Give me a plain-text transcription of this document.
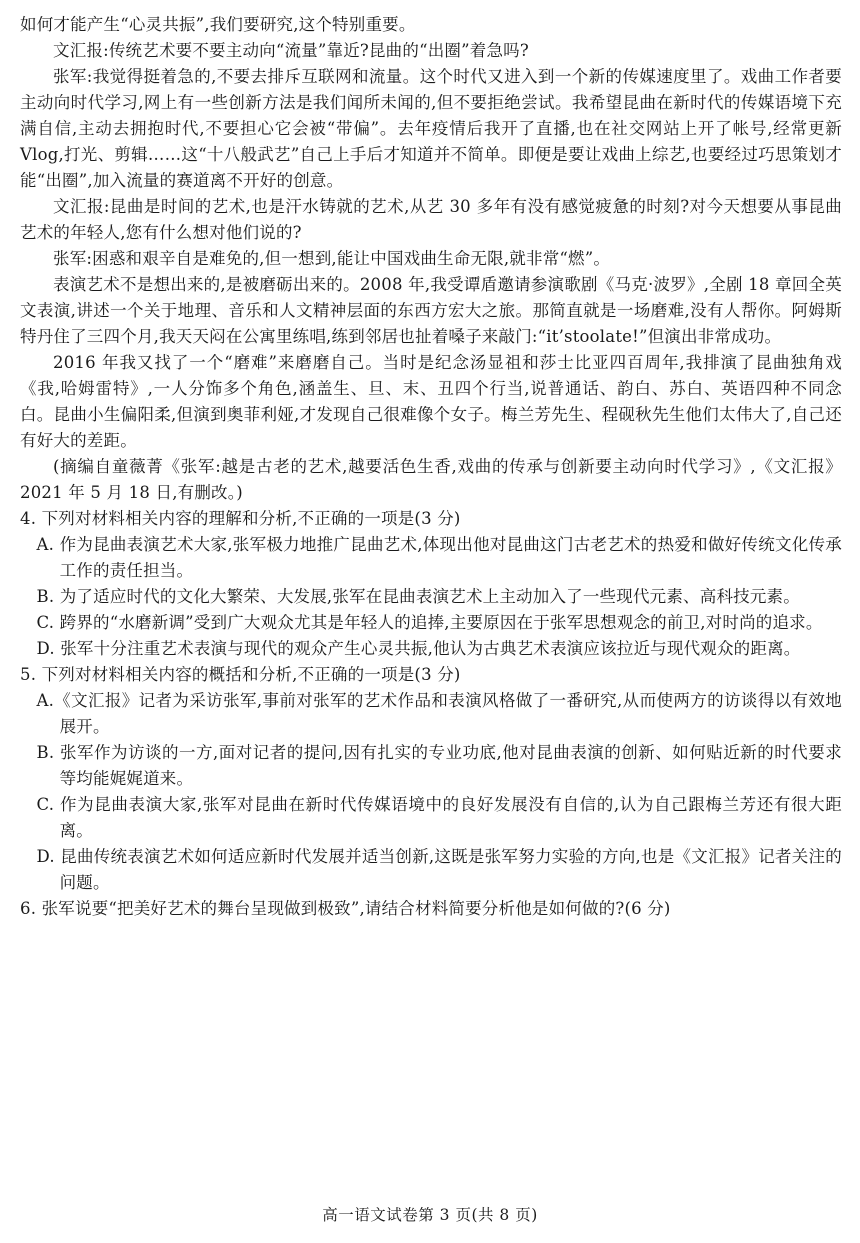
如何才能产生“心灵共振”,我们要研究,这个特别重要。

文汇报:传统艺术要不要主动向“流量”靠近?昆曲的“出圈”着急吗?

张军:我觉得挺着急的,不要去排斥互联网和流量。这个时代又进入到一个新的传媒速度里了。戏曲工作者要主动向时代学习,网上有一些创新方法是我们闻所未闻的,但不要拒绝尝试。我希望昆曲在新时代的传媒语境下充满自信,主动去拥抱时代,不要担心它会被“带偏”。去年疫情后我开了直播,也在社交网站上开了帐号,经常更新 Vlog,打光、剪辑……这“十八般武艺”自己上手后才知道并不简单。即便是要让戏曲上综艺,也要经过巧思策划才能“出圈”,加入流量的赛道离不开好的创意。

文汇报:昆曲是时间的艺术,也是汗水铸就的艺术,从艺 30 多年有没有感觉疲惫的时刻?对今天想要从事昆曲艺术的年轻人,您有什么想对他们说的?

张军:困惑和艰辛自是难免的,但一想到,能让中国戏曲生命无限,就非常“燃”。

表演艺术不是想出来的,是被磨砺出来的。2008 年,我受谭盾邀请参演歌剧《马克·波罗》,全剧 18 章回全英文表演,讲述一个关于地理、音乐和人文精神层面的东西方宏大之旅。那简直就是一场磨难,没有人帮你。阿姆斯特丹住了三四个月,我天天闷在公寓里练唱,练到邻居也扯着嗓子来敲门:“it’stoolate!”但演出非常成功。

2016 年我又找了一个“磨难”来磨磨自己。当时是纪念汤显祖和莎士比亚四百周年,我排演了昆曲独角戏《我,哈姆雷特》,一人分饰多个角色,涵盖生、旦、末、丑四个行当,说普通话、韵白、苏白、英语四种不同念白。昆曲小生偏阳柔,但演到奥菲利娅,才发现自己很难像个女子。梅兰芳先生、程砚秋先生他们太伟大了,自己还有好大的差距。

(摘编自童薇菁《张军:越是古老的艺术,越要活色生香,戏曲的传承与创新要主动向时代学习》,《文汇报》2021 年 5 月 18 日,有删改。)

4. 下列对材料相关内容的理解和分析,不正确的一项是(3 分)

A. 作为昆曲表演艺术大家,张军极力地推广昆曲艺术,体现出他对昆曲这门古老艺术的热爱和做好传统文化传承工作的责任担当。

B. 为了适应时代的文化大繁荣、大发展,张军在昆曲表演艺术上主动加入了一些现代元素、高科技元素。

C. 跨界的“水磨新调”受到广大观众尤其是年轻人的追捧,主要原因在于张军思想观念的前卫,对时尚的追求。

D. 张军十分注重艺术表演与现代的观众产生心灵共振,他认为古典艺术表演应该拉近与现代观众的距离。

5. 下列对材料相关内容的概括和分析,不正确的一项是(3 分)

A.《文汇报》记者为采访张军,事前对张军的艺术作品和表演风格做了一番研究,从而使两方的访谈得以有效地展开。

B. 张军作为访谈的一方,面对记者的提问,因有扎实的专业功底,他对昆曲表演的创新、如何贴近新的时代要求等均能娓娓道来。

C. 作为昆曲表演大家,张军对昆曲在新时代传媒语境中的良好发展没有自信的,认为自己跟梅兰芳还有很大距离。

D. 昆曲传统表演艺术如何适应新时代发展并适当创新,这既是张军努力实验的方向,也是《文汇报》记者关注的问题。

6. 张军说要“把美好艺术的舞台呈现做到极致”,请结合材料简要分析他是如何做的?(6 分)

高一语文试卷第 3 页(共 8 页)
